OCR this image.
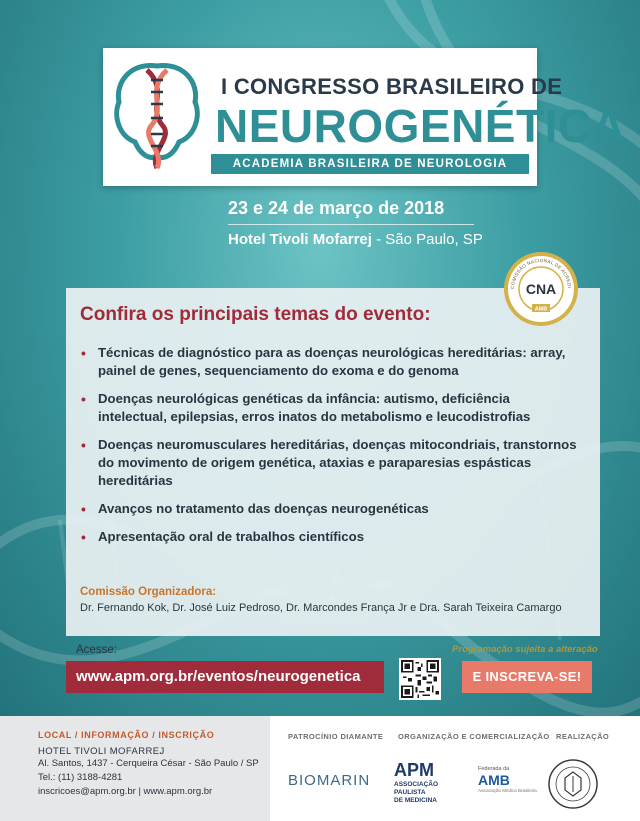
I CONGRESSO BRASILEIRO DE
NEUROGENÉTICA
ACADEMIA BRASILEIRA DE NEUROLOGIA
23 e 24 de março de 2018
Hotel Tivoli Mofarrej - São Paulo, SP
Confira os principais temas do evento:
• Técnicas de diagnóstico para as doenças neurológicas hereditárias: array, painel de genes, sequenciamento do exoma e do genoma
• Doenças neurológicas genéticas da infância: autismo, deficiência intelectual, epilepsias, erros inatos do metabolismo e leucodistrofias
• Doenças neuromusculares hereditárias, doenças mitocondriais, transtornos do movimento de origem genética, ataxias e paraparesias espásticas hereditárias
• Avanços no tratamento das doenças neurogenéticas
• Apresentação oral de trabalhos científicos
Comissão Organizadora:
Dr. Fernando Kok, Dr. José Luiz Pedroso, Dr. Marcondes França Jr e Dra. Sarah Teixeira Camargo
COMISSÃO NACIONAL DE ACREDI
CNA
AMB
Acesse:
www.apm.org.br/eventos/neurogenetica
Programação sujeita a alteração
E INSCREVA-SE!
LOCAL / INFORMAÇÃO / INSCRIÇÃO
HOTEL TIVOLI MOFARREJ
Al. Santos, 1437 - Cerqueira César - São Paulo / SP
Tel.: (11) 3188-4281
inscricoes@apm.org.br | www.apm.org.br
PATROCÍNIO DIAMANTE
BIOMARIN
ORGANIZAÇÃO E COMERCIALIZAÇÃO
APM
ASSOCIAÇÃO PAULISTA
DE MEDICINA
Federada da
AMB
Associação Médica Brasileira
REALIZAÇÃO
